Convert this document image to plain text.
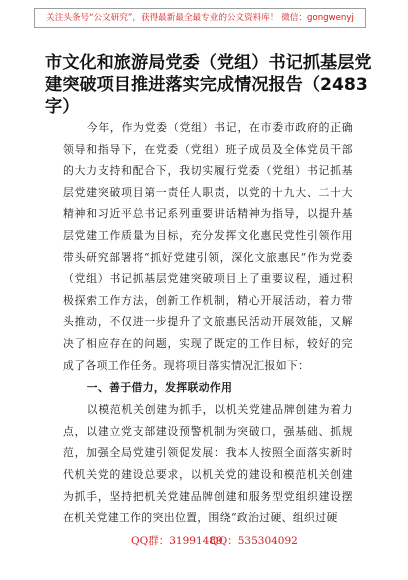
关注头条号“公文研究”，获得最新最全最专业的公文资料库！ 微信：gongwenyj
市文化和旅游局党委（党组）书记抓基层党建突破项目推进落实完成情况报告（2483字）

今年，作为党委（党组）书记，在市委市政府的正确领导和指导下，在党委（党组）班子成员及全体党员干部的大力支持和配合下，我切实履行党委（党组）书记抓基层党建突破项目第一责任人职责，以党的十九大、二十大精神和习近平总书记系列重要讲话精神为指导，以提升基层党建工作质量为目标，充分发挥文化惠民党性引领作用带头研究部署将“抓好党建引领，深化文旅惠民”作为党委（党组）书记抓基层党建突破项目上了重要议程，通过积极探索工作方法，创新工作机制，精心开展活动，着力带头推动，不仅进一步提升了文旅惠民活动开展效能，又解决了相应存在的问题，实现了既定的工作目标，较好的完成了各项工作任务。现将项目落实情况汇报如下：

一、善于借力，发挥联动作用

以模范机关创建为抓手，以机关党建品牌创建为着力点，以建立党支部建设预警机制为突破口，强基础、抓规范，加强全局党建引领促发展：我本人按照全面落实新时代机关党的建设总要求，以机关党的建设和模范机关创建为抓手，坚持把机关党建品牌创建和服务型党组织建设摆在机关党建工作的突出位置，围绕“政治过硬、组织过硬

QQ群：31991489
QQ：535304092
